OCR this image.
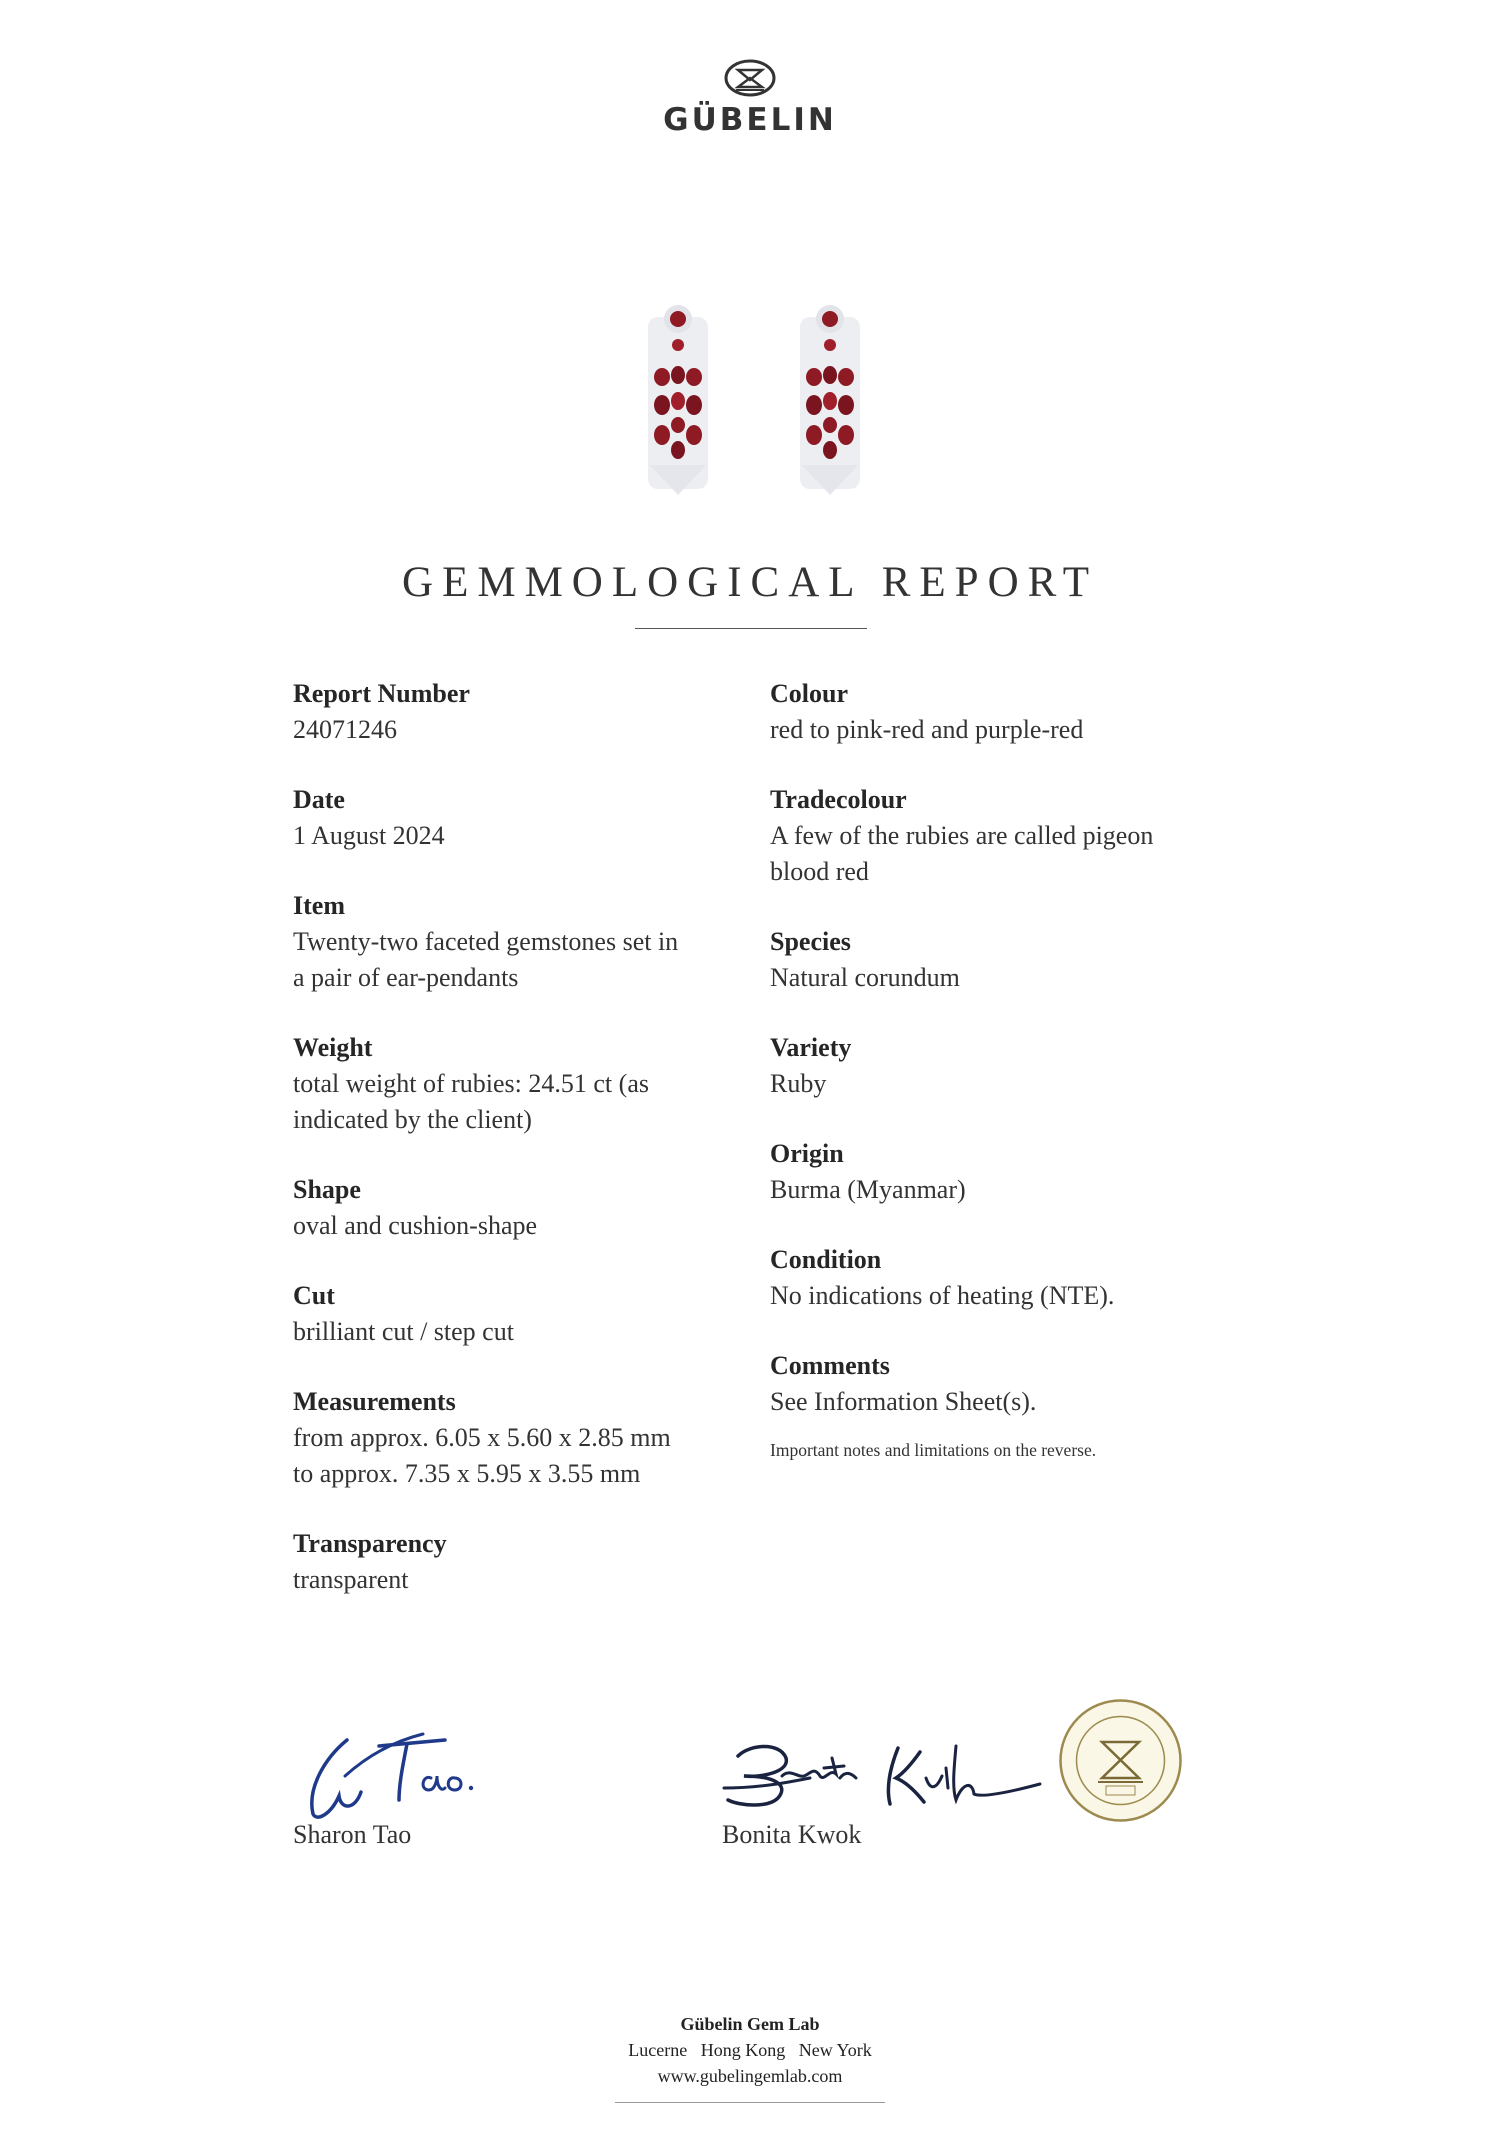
GÜBELIN
GEMMOLOGICAL REPORT
Report Number
24071246
Date
1 August 2024
Item
Twenty-two faceted gemstones set in
a pair of ear-pendants
Weight
total weight of rubies: 24.51 ct (as
indicated by the client)
Shape
oval and cushion-shape
Cut
brilliant cut / step cut
Measurements
from approx. 6.05 x 5.60 x 2.85 mm
to approx. 7.35 x 5.95 x 3.55 mm
Transparency
transparent
Colour
red to pink-red and purple-red
Tradecolour
A few of the rubies are called pigeon
blood red
Species
Natural corundum
Variety
Ruby
Origin
Burma (Myanmar)
Condition
No indications of heating (NTE).
Comments
See Information Sheet(s).
Important notes and limitations on the reverse.
Sharon Tao	Bonita Kwok
Gübelin Gem Lab
Lucerne   Hong Kong   New York
www.gubelingemlab.com
